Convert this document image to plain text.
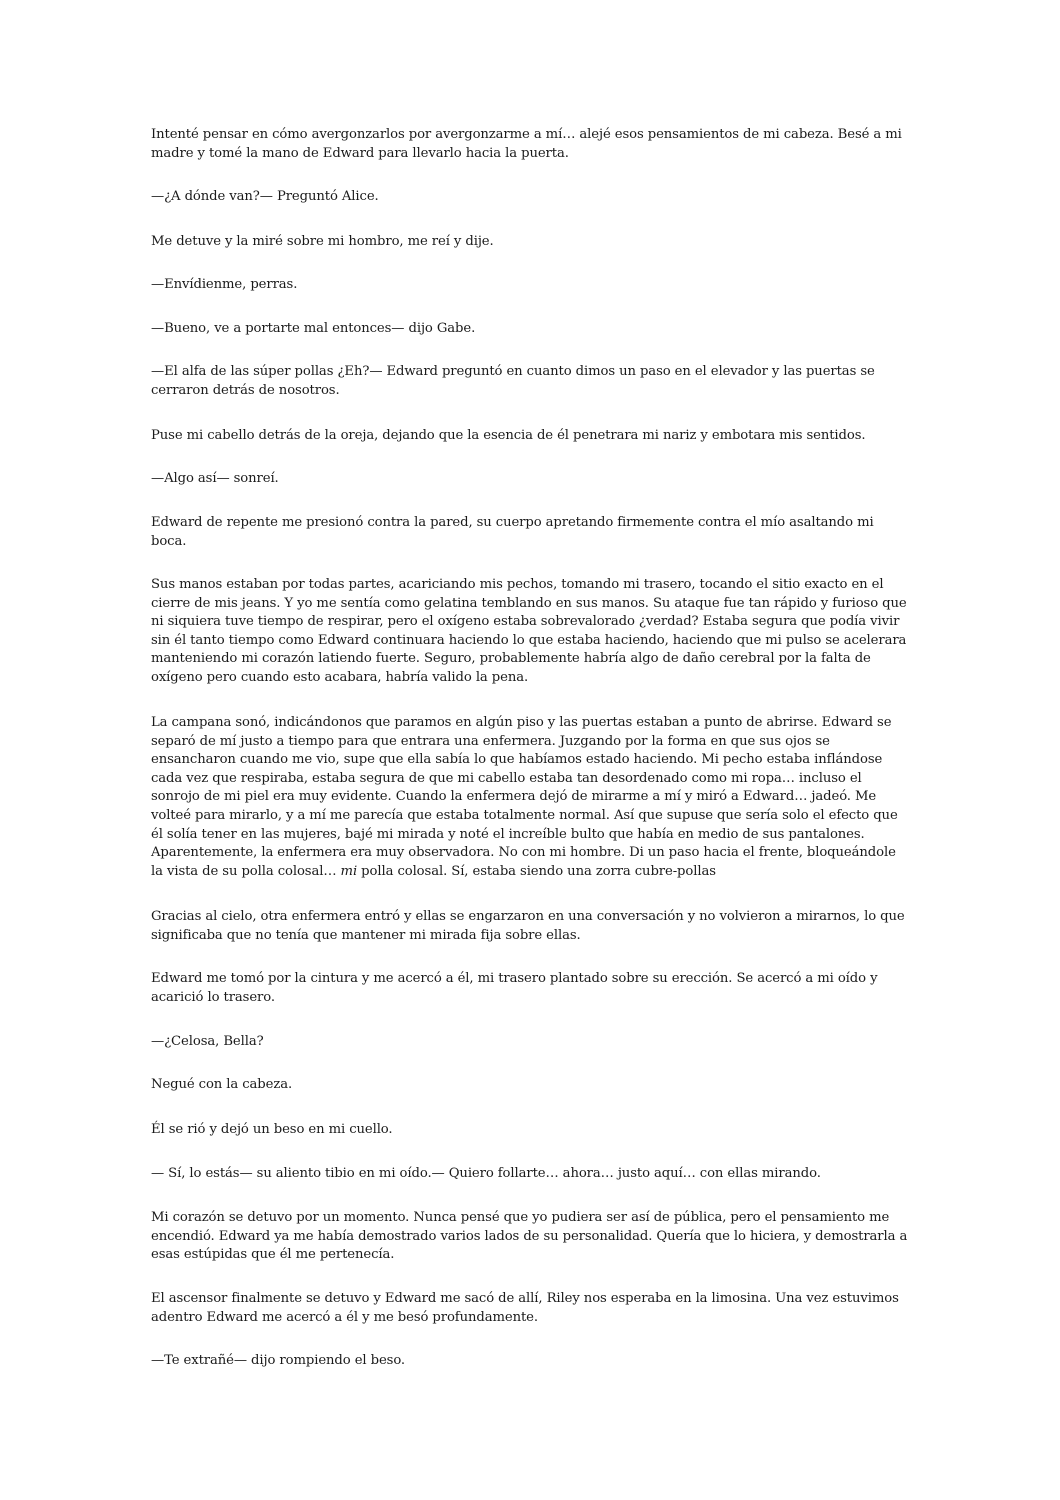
Intenté pensar en cómo avergonzarlos por avergonzarme a mí… alejé esos pensamientos de mi cabeza. Besé a mi madre y tomé la mano de Edward para llevarlo hacia la puerta.

—¿A dónde van?— Preguntó Alice.

Me detuve y la miré sobre mi hombro, me reí y dije.

—Envídienme, perras.

—Bueno, ve a portarte mal entonces— dijo Gabe.

—El alfa de las súper pollas ¿Eh?— Edward preguntó en cuanto dimos un paso en el elevador y las puertas se cerraron detrás de nosotros.

Puse mi cabello detrás de la oreja, dejando que la esencia de él penetrara mi nariz y embotara mis sentidos.

—Algo así— sonreí.

Edward de repente me presionó contra la pared, su cuerpo apretando firmemente contra el mío asaltando mi boca.

Sus manos estaban por todas partes, acariciando mis pechos, tomando mi trasero, tocando el sitio exacto en el cierre de mis jeans. Y yo me sentía como gelatina temblando en sus manos. Su ataque fue tan rápido y furioso que ni siquiera tuve tiempo de respirar, pero el oxígeno estaba sobrevalorado ¿verdad? Estaba segura que podía vivir sin él tanto tiempo como Edward continuara haciendo lo que estaba haciendo, haciendo que mi pulso se acelerara manteniendo mi corazón latiendo fuerte. Seguro, probablemente habría algo de daño cerebral por la falta de oxígeno pero cuando esto acabara, habría valido la pena.

La campana sonó, indicándonos que paramos en algún piso y las puertas estaban a punto de abrirse. Edward se separó de mí justo a tiempo para que entrara una enfermera. Juzgando por la forma en que sus ojos se ensancharon cuando me vio, supe que ella sabía lo que habíamos estado haciendo. Mi pecho estaba inflándose cada vez que respiraba, estaba segura de que mi cabello estaba tan desordenado como mi ropa… incluso el sonrojo de mi piel era muy evidente. Cuando la enfermera dejó de mirarme a mí y miró a Edward… jadeó. Me volteé para mirarlo, y a mí me parecía que estaba totalmente normal. Así que supuse que sería solo el efecto que él solía tener en las mujeres, bajé mi mirada y noté el increíble bulto que había en medio de sus pantalones. Aparentemente, la enfermera era muy observadora. No con mi hombre. Di un paso hacia el frente, bloqueándole la vista de su polla colosal… mi polla colosal. Sí, estaba siendo una zorra cubre-pollas

Gracias al cielo, otra enfermera entró y ellas se engarzaron en una conversación y no volvieron a mirarnos, lo que significaba que no tenía que mantener mi mirada fija sobre ellas.

Edward me tomó por la cintura y me acercó a él, mi trasero plantado sobre su erección. Se acercó a mi oído y acarició lo trasero.

—¿Celosa, Bella?

Negué con la cabeza.

Él se rió y dejó un beso en mi cuello.

— Sí, lo estás— su aliento tibio en mi oído.— Quiero follarte… ahora… justo aquí… con ellas mirando.

Mi corazón se detuvo por un momento. Nunca pensé que yo pudiera ser así de pública, pero el pensamiento me encendió. Edward ya me había demostrado varios lados de su personalidad. Quería que lo hiciera, y demostrarla a esas estúpidas que él me pertenecía.

El ascensor finalmente se detuvo y Edward me sacó de allí, Riley nos esperaba en la limosina. Una vez estuvimos adentro Edward me acercó a él y me besó profundamente.

—Te extrañé— dijo rompiendo el beso.
